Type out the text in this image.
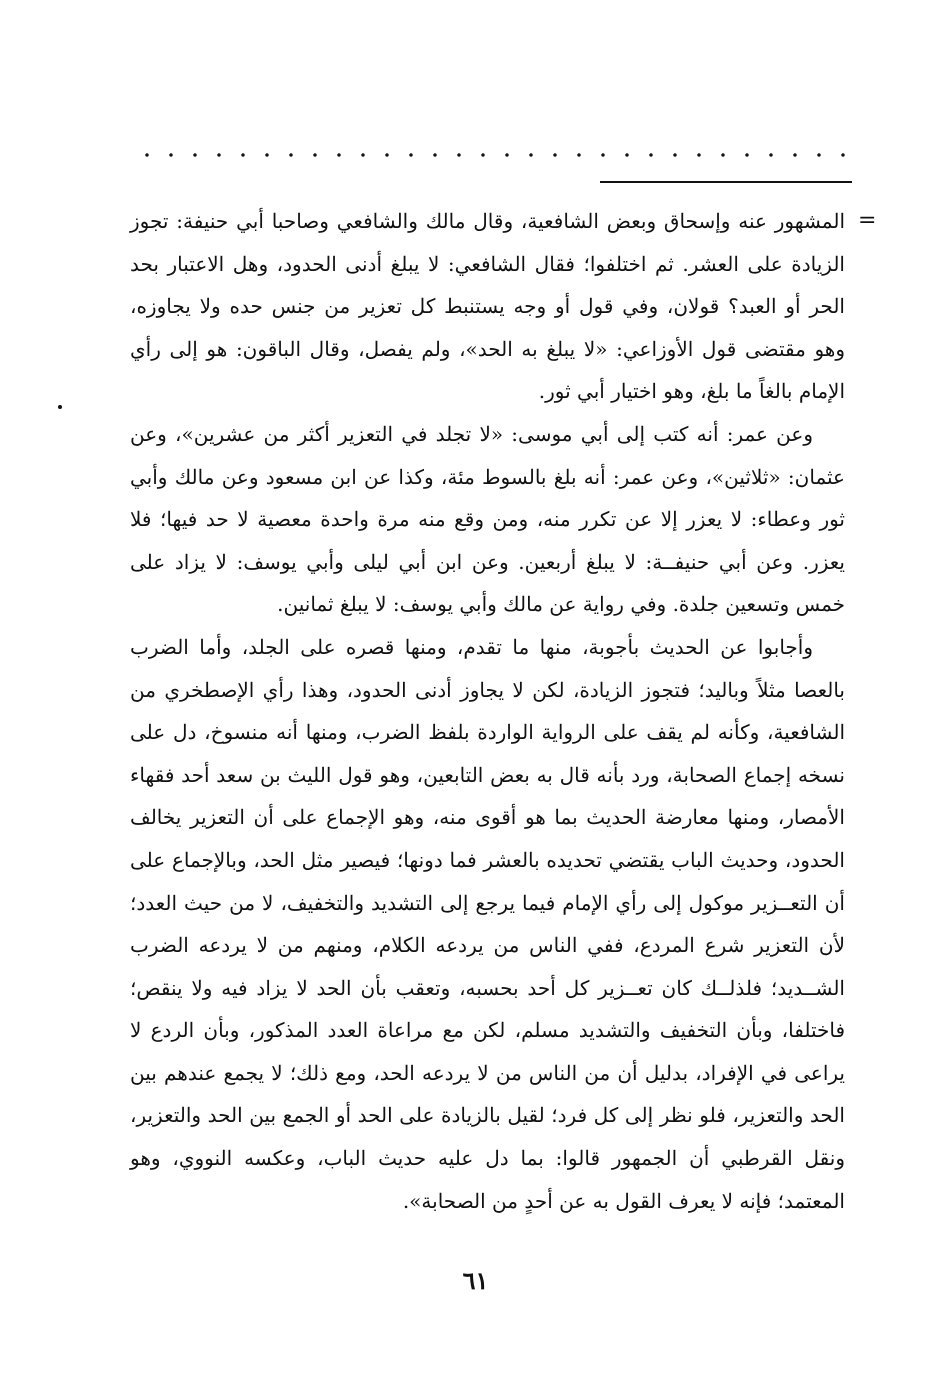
=

المشهور عنه وإسحاق وبعض الشافعية، وقال مالك والشافعي وصاحبا أبي حنيفة: تجوز الزيادة على العشر. ثم اختلفوا؛ فقال الشافعي: لا يبلغ أدنى الحدود، وهل الاعتبار بحد الحر أو العبد؟ قولان، وفي قول أو وجه يستنبط كل تعزير من جنس حده ولا يجاوزه، وهو مقتضى قول الأوزاعي: «لا يبلغ به الحد»، ولم يفصل، وقال الباقون: هو إلى رأي الإمام بالغاً ما بلغ، وهو اختيار أبي ثور.

وعن عمر: أنه كتب إلى أبي موسى: «لا تجلد في التعزير أكثر من عشرين»، وعن عثمان: «ثلاثين»، وعن عمر: أنه بلغ بالسوط مئة، وكذا عن ابن مسعود وعن مالك وأبي ثور وعطاء: لا يعزر إلا عن تكرر منه، ومن وقع منه مرة واحدة معصية لا حد فيها؛ فلا يعزر. وعن أبي حنيفــة: لا يبلغ أربعين. وعن ابن أبي ليلى وأبي يوسف: لا يزاد على خمس وتسعين جلدة. وفي رواية عن مالك وأبي يوسف: لا يبلغ ثمانين.

وأجابوا عن الحديث بأجوبة، منها ما تقدم، ومنها قصره على الجلد، وأما الضرب بالعصا مثلاً وباليد؛ فتجوز الزيادة، لكن لا يجاوز أدنى الحدود، وهذا رأي الإصطخري من الشافعية، وكأنه لم يقف على الرواية الواردة بلفظ الضرب، ومنها أنه منسوخ، دل على نسخه إجماع الصحابة، ورد بأنه قال به بعض التابعين، وهو قول الليث بن سعد أحد فقهاء الأمصار، ومنها معارضة الحديث بما هو أقوى منه، وهو الإجماع على أن التعزير يخالف الحدود، وحديث الباب يقتضي تحديده بالعشر فما دونها؛ فيصير مثل الحد، وبالإجماع على أن التعــزير موكول إلى رأي الإمام فيما يرجع إلى التشديد والتخفيف، لا من حيث العدد؛ لأن التعزير شرع المردع، ففي الناس من يردعه الكلام، ومنهم من لا يردعه الضرب الشــديد؛ فلذلــك كان تعــزير كل أحد بحسبه، وتعقب بأن الحد لا يزاد فيه ولا ينقص؛ فاختلفا، وبأن التخفيف والتشديد مسلم، لكن مع مراعاة العدد المذكور، وبأن الردع لا يراعى في الإفراد، بدليل أن من الناس من لا يردعه الحد، ومع ذلك؛ لا يجمع عندهم بين الحد والتعزير، فلو نظر إلى كل فرد؛ لقيل بالزيادة على الحد أو الجمع بين الحد والتعزير، ونقل القرطبي أن الجمهور قالوا: بما دل عليه حديث الباب، وعكسه النووي، وهو المعتمد؛ فإنه لا يعرف القول به عن أحدٍ من الصحابة».

٦١
